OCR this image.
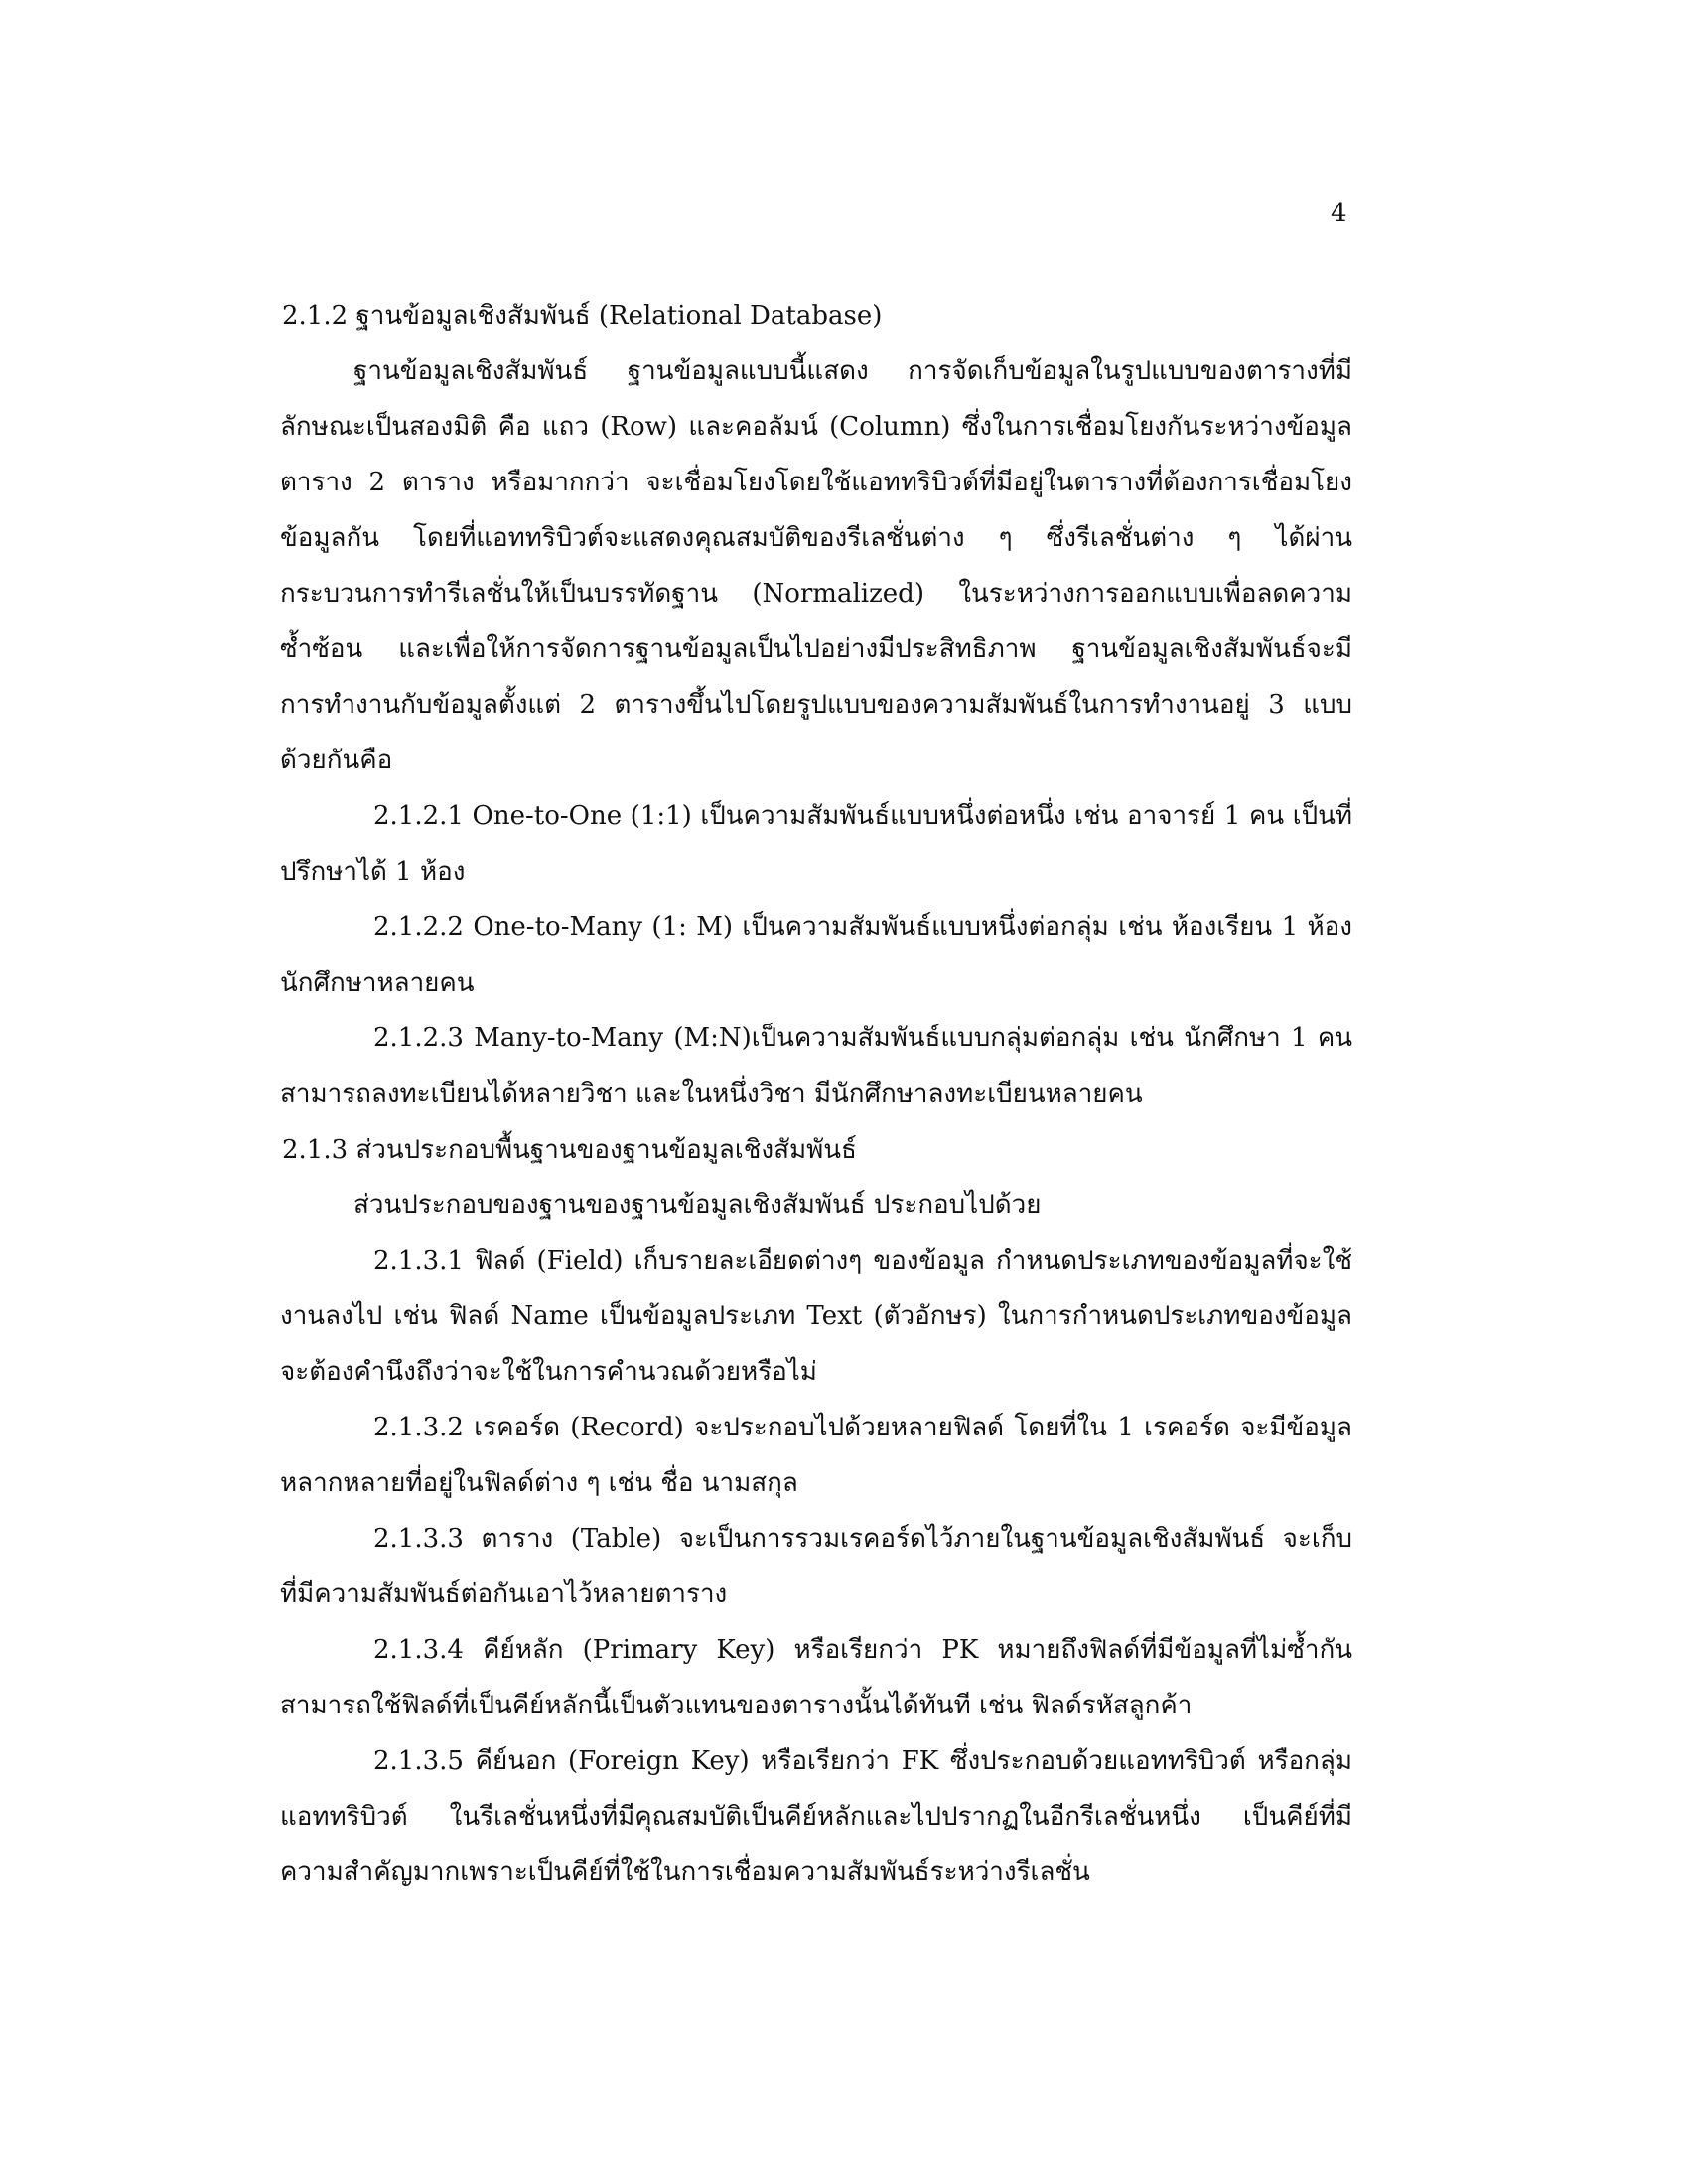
4
2.1.2 ฐานข้อมูลเชิงสัมพันธ์ (Relational Database)
ฐานข้อมูลเชิงสัมพันธ์ ฐานข้อมูลแบบนี้แสดง การจัดเก็บข้อมูลในรูปแบบของตารางที่มี
ลักษณะเป็นสองมิติ คือ แถว (Row) และคอลัมน์ (Column) ซึ่งในการเชื่อมโยงกันระหว่างข้อมูล
ตาราง 2 ตาราง หรือมากกว่า จะเชื่อมโยงโดยใช้แอททริบิวต์ที่มีอยู่ในตารางที่ต้องการเชื่อมโยง
ข้อมูลกัน โดยที่แอททริบิวต์จะแสดงคุณสมบัติของรีเลชั่นต่าง ๆ ซึ่งรีเลชั่นต่าง ๆ ได้ผ่าน
กระบวนการทำรีเลชั่นให้เป็นบรรทัดฐาน (Normalized) ในระหว่างการออกแบบเพื่อลดความ
ซ้ำซ้อน และเพื่อให้การจัดการฐานข้อมูลเป็นไปอย่างมีประสิทธิภาพ ฐานข้อมูลเชิงสัมพันธ์จะมี
การทำงานกับข้อมูลตั้งแต่ 2 ตารางขึ้นไปโดยรูปแบบของความสัมพันธ์ในการทำงานอยู่ 3 แบบ
ด้วยกันคือ
2.1.2.1 One-to-One (1:1) เป็นความสัมพันธ์แบบหนึ่งต่อหนึ่ง เช่น อาจารย์ 1 คน เป็นที่
ปรึกษาได้ 1 ห้อง
2.1.2.2 One-to-Many (1: M) เป็นความสัมพันธ์แบบหนึ่งต่อกลุ่ม เช่น ห้องเรียน 1 ห้อง
นักศึกษาหลายคน
2.1.2.3 Many-to-Many (M:N)เป็นความสัมพันธ์แบบกลุ่มต่อกลุ่ม เช่น นักศึกษา 1 คน
สามารถลงทะเบียนได้หลายวิชา และในหนึ่งวิชา มีนักศึกษาลงทะเบียนหลายคน
2.1.3 ส่วนประกอบพื้นฐานของฐานข้อมูลเชิงสัมพันธ์
ส่วนประกอบของฐานของฐานข้อมูลเชิงสัมพันธ์ ประกอบไปด้วย
2.1.3.1 ฟิลด์ (Field) เก็บรายละเอียดต่างๆ ของข้อมูล กำหนดประเภทของข้อมูลที่จะใช้
งานลงไป เช่น ฟิลด์ Name เป็นข้อมูลประเภท Text (ตัวอักษร) ในการกำหนดประเภทของข้อมูล
จะต้องคำนึงถึงว่าจะใช้ในการคำนวณด้วยหรือไม่
2.1.3.2 เรคอร์ด (Record) จะประกอบไปด้วยหลายฟิลด์ โดยที่ใน 1 เรคอร์ด จะมีข้อมูล
หลากหลายที่อยู่ในฟิลด์ต่าง ๆ เช่น ชื่อ นามสกุล
2.1.3.3 ตาราง (Table) จะเป็นการรวมเรคอร์ดไว้ภายในฐานข้อมูลเชิงสัมพันธ์ จะเก็บ
ที่มีความสัมพันธ์ต่อกันเอาไว้หลายตาราง
2.1.3.4 คีย์หลัก (Primary Key) หรือเรียกว่า PK หมายถึงฟิลด์ที่มีข้อมูลที่ไม่ซ้ำกัน
สามารถใช้ฟิลด์ที่เป็นคีย์หลักนี้เป็นตัวแทนของตารางนั้นได้ทันที เช่น ฟิลด์รหัสลูกค้า
2.1.3.5 คีย์นอก (Foreign Key) หรือเรียกว่า FK ซึ่งประกอบด้วยแอททริบิวต์ หรือกลุ่ม
แอททริบิวต์ ในรีเลชั่นหนึ่งที่มีคุณสมบัติเป็นคีย์หลักและไปปรากฏในอีกรีเลชั่นหนึ่ง เป็นคีย์ที่มี
ความสำคัญมากเพราะเป็นคีย์ที่ใช้ในการเชื่อมความสัมพันธ์ระหว่างรีเลชั่น
